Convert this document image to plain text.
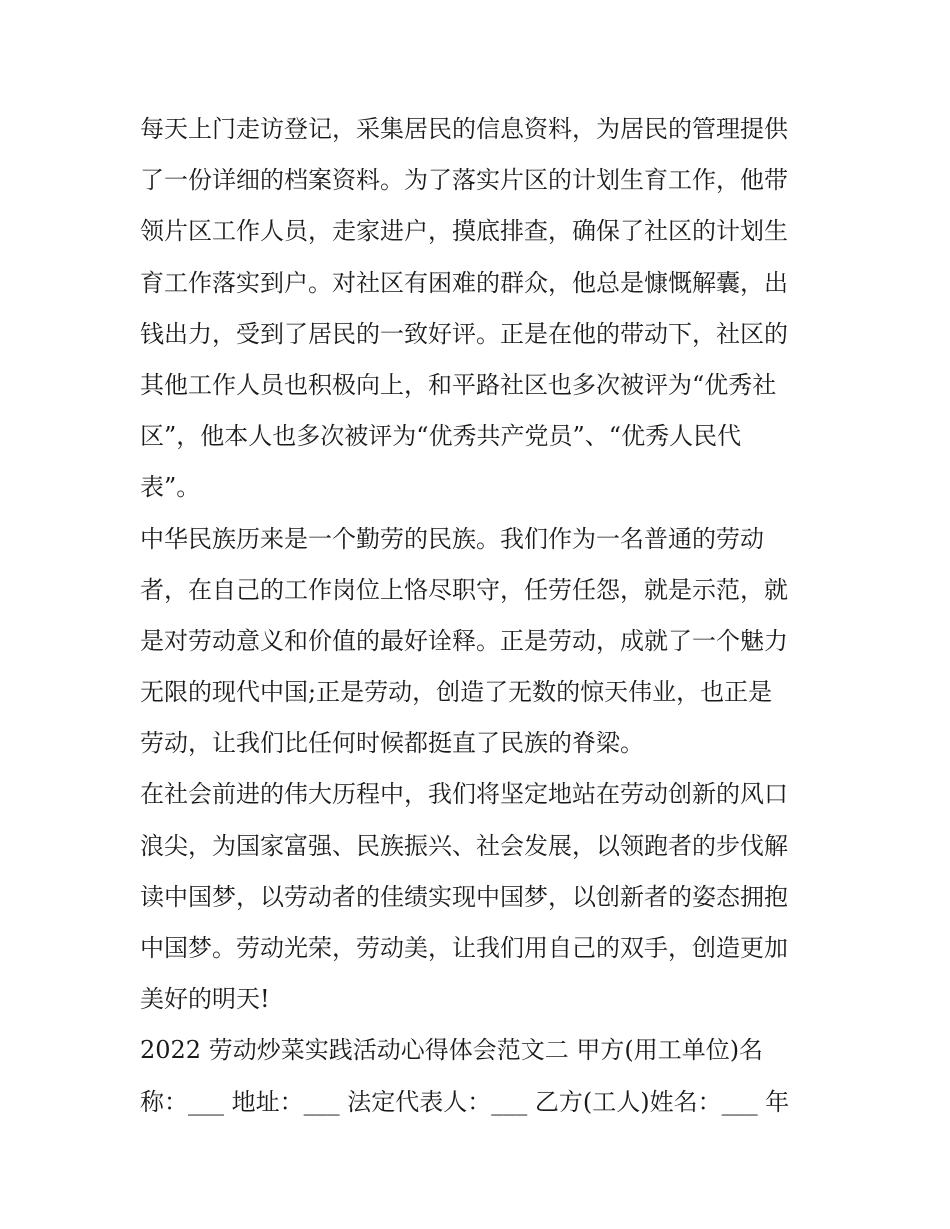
每天上门走访登记，采集居民的信息资料，为居民的管理提供
了一份详细的档案资料。为了落实片区的计划生育工作，他带
领片区工作人员，走家进户，摸底排查，确保了社区的计划生
育工作落实到户。对社区有困难的群众，他总是慷慨解囊，出
钱出力，受到了居民的一致好评。正是在他的带动下，社区的
其他工作人员也积极向上，和平路社区也多次被评为“优秀社
区”，他本人也多次被评为“优秀共产党员”、“优秀人民代
表”。
中华民族历来是一个勤劳的民族。我们作为一名普通的劳动
者，在自己的工作岗位上恪尽职守，任劳任怨，就是示范，就
是对劳动意义和价值的最好诠释。正是劳动，成就了一个魅力
无限的现代中国;正是劳动，创造了无数的惊天伟业，也正是
劳动，让我们比任何时候都挺直了民族的脊梁。
在社会前进的伟大历程中，我们将坚定地站在劳动创新的风口
浪尖，为国家富强、民族振兴、社会发展，以领跑者的步伐解
读中国梦，以劳动者的佳绩实现中国梦，以创新者的姿态拥抱
中国梦。劳动光荣，劳动美，让我们用自己的双手，创造更加
美好的明天!
2022 劳动炒菜实践活动心得体会范文二 甲方(用工单位)名
称：___ 地址：___ 法定代表人：___ 乙方(工人)姓名：___ 年
